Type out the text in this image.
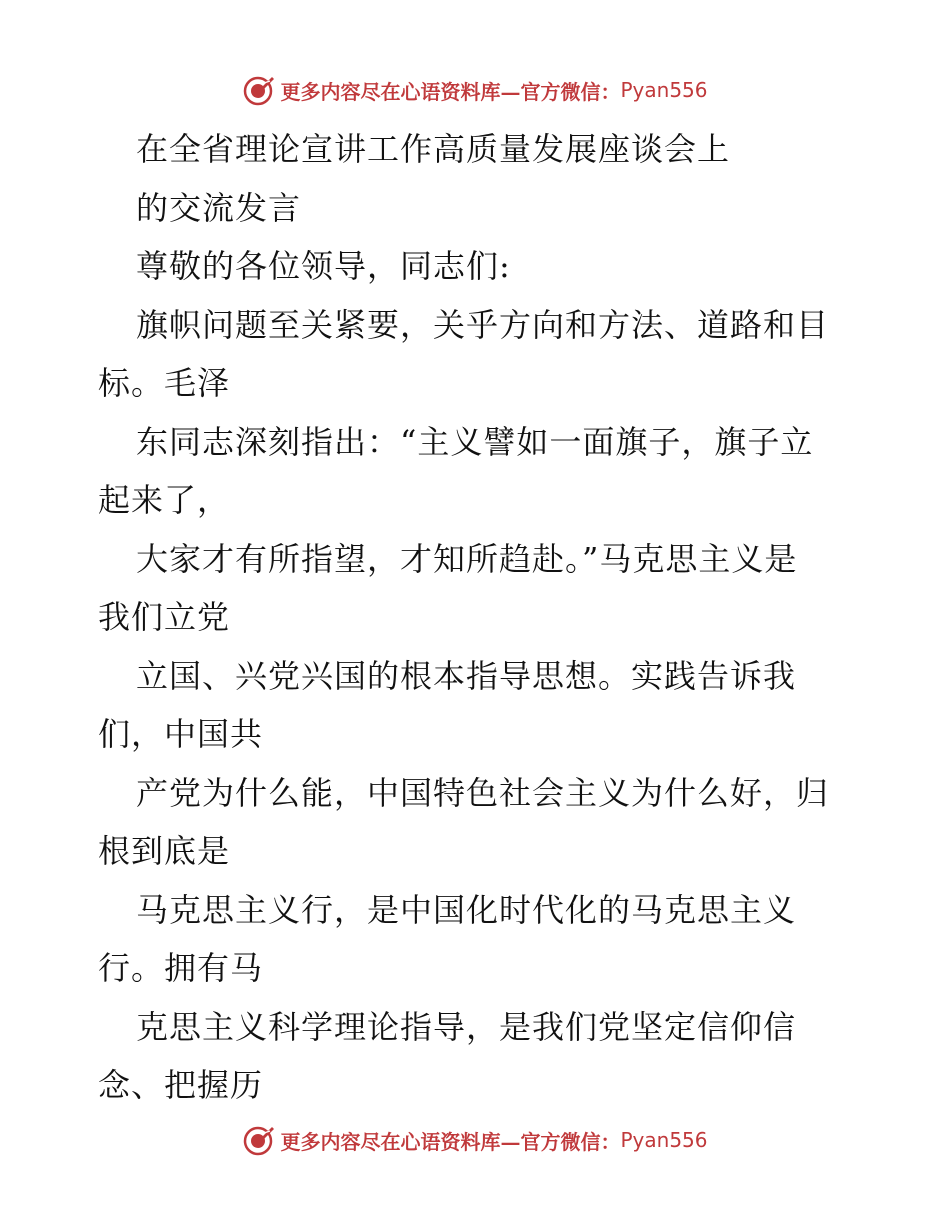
更多内容尽在心语资料库—官方微信： Pyan556
在全省理论宣讲工作高质量发展座谈会上
的交流发言
尊敬的各位领导，同志们:
旗帜问题至关紧要，关乎方向和方法、道路和目
标。毛泽
东同志深刻指出：“主义譬如一面旗子，旗子立
起来了，
大家才有所指望，才知所趋赴。”马克思主义是
我们立党
立国、兴党兴国的根本指导思想。实践告诉我
们，中国共
产党为什么能，中国特色社会主义为什么好，归
根到底是
马克思主义行，是中国化时代化的马克思主义
行。拥有马
克思主义科学理论指导，是我们党坚定信仰信
念、把握历
更多内容尽在心语资料库—官方微信： Pyan556
